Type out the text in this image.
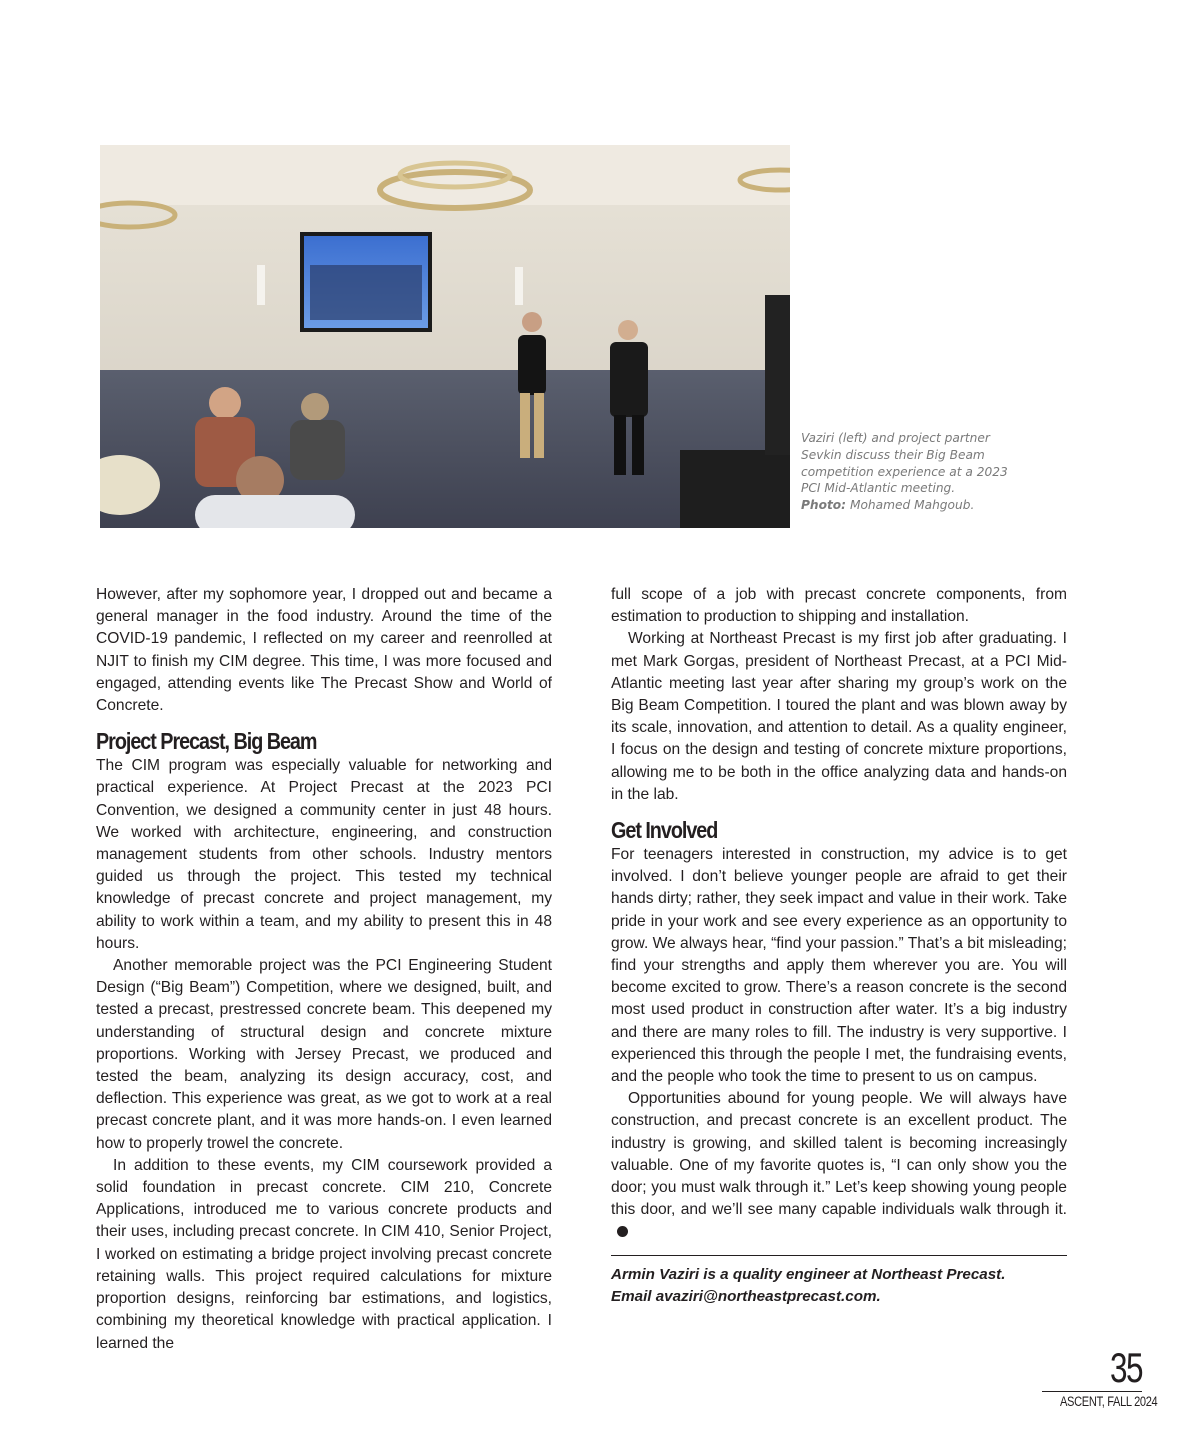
Vaziri (left) and project partner Sevkin discuss their Big Beam competition experience at a 2023 PCI Mid-Atlantic meeting.
Photo: Mohamed Mahgoub.

However, after my sophomore year, I dropped out and became a general manager in the food industry. Around the time of the COVID-19 pandemic, I reflected on my career and reenrolled at NJIT to finish my CIM degree. This time, I was more focused and engaged, attending events like The Precast Show and World of Concrete.

Project Precast, Big Beam

The CIM program was especially valuable for networking and practical experience. At Project Precast at the 2023 PCI Convention, we designed a community center in just 48 hours. We worked with architecture, engineering, and construction management students from other schools. Industry mentors guided us through the project. This tested my technical knowledge of precast concrete and project management, my ability to work within a team, and my ability to present this in 48 hours.

Another memorable project was the PCI Engineering Student Design (“Big Beam”) Competition, where we designed, built, and tested a precast, prestressed concrete beam. This deepened my understanding of structural design and concrete mixture proportions. Working with Jersey Precast, we produced and tested the beam, analyzing its design accuracy, cost, and deflection. This experience was great, as we got to work at a real precast concrete plant, and it was more hands-on. I even learned how to properly trowel the concrete.

In addition to these events, my CIM coursework provided a solid foundation in precast concrete. CIM 210, Concrete Applications, introduced me to various concrete products and their uses, including precast concrete. In CIM 410, Senior Project, I worked on estimating a bridge project involving precast concrete retaining walls. This project required calculations for mixture proportion designs, reinforcing bar estimations, and logistics, combining my theoretical knowledge with practical application. I learned the

full scope of a job with precast concrete components, from estimation to production to shipping and installation.

Working at Northeast Precast is my first job after graduating. I met Mark Gorgas, president of Northeast Precast, at a PCI Mid-Atlantic meeting last year after sharing my group’s work on the Big Beam Competition. I toured the plant and was blown away by its scale, innovation, and attention to detail. As a quality engineer, I focus on the design and testing of concrete mixture proportions, allowing me to be both in the office analyzing data and hands-on in the lab.

Get Involved

For teenagers interested in construction, my advice is to get involved. I don’t believe younger people are afraid to get their hands dirty; rather, they seek impact and value in their work. Take pride in your work and see every experience as an opportunity to grow. We always hear, “find your passion.” That’s a bit misleading; find your strengths and apply them wherever you are. You will become excited to grow. There’s a reason concrete is the second most used product in construction after water. It’s a big industry and there are many roles to fill. The industry is very supportive. I experienced this through the people I met, the fundraising events, and the people who took the time to present to us on campus.

Opportunities abound for young people. We will always have construction, and precast concrete is an excellent product. The industry is growing, and skilled talent is becoming increasingly valuable. One of my favorite quotes is, “I can only show you the door; you must walk through it.” Let’s keep showing young people this door, and we’ll see many capable individuals walk through it.

Armin Vaziri is a quality engineer at Northeast Precast.
Email avaziri@northeastprecast.com.
35
ASCENT, FALL 2024
